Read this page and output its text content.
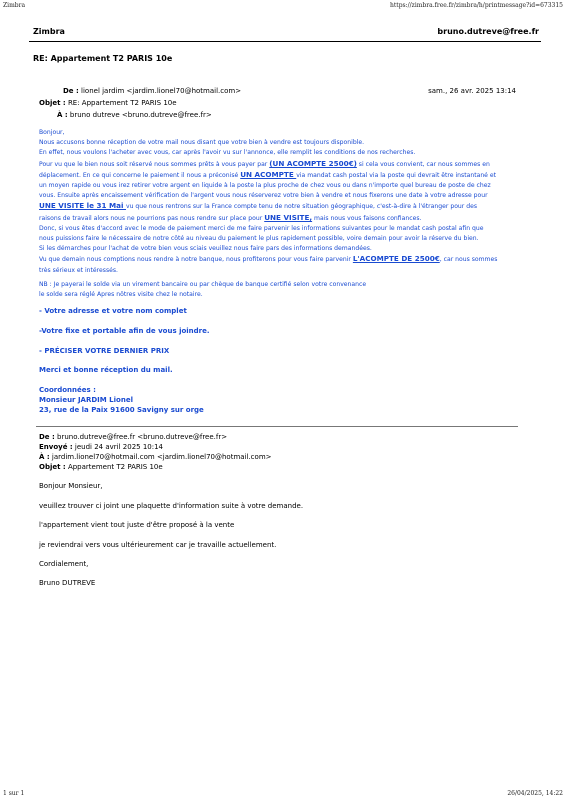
Zimbra	https://zimbra.free.fr/zimbra/h/printmessage?id=673315
Zimbra	bruno.dutreve@free.fr
RE: Appartement T2 PARIS 10e
De : lionel jardim <jardim.lionel70@hotmail.com>	sam., 26 avr. 2025 13:14
Objet : RE: Appartement T2 PARIS 10e
À : bruno dutreve <bruno.dutreve@free.fr>

Bonjour,

Nous accusons bonne réception de votre mail nous disant que votre bien à vendre est toujours disponible.

En effet, nous voulons l'acheter avec vous, car après l'avoir vu sur l'annonce, elle remplit les conditions de nos recherches.

Pour vu que le bien nous soit réservé nous sommes prêts à vous payer par (UN ACOMPTE 2500€) si cela vous convient, car nous sommes en

déplacement. En ce qui concerne le paiement il nous a préconisé UN ACOMPTE via mandat cash postal via la poste qui devrait être instantané et

un moyen rapide ou vous irez retirer votre argent en liquide à la poste la plus proche de chez vous ou dans n'importe quel bureau de poste de chez

vous. Ensuite après encaissement vérification de l'argent vous nous réserverez votre bien à vendre et nous fixerons une date à votre adresse pour

UNE VISITE le 31 Mai vu que nous rentrons sur la France compte tenu de notre situation géographique, c'est-à-dire à l'étranger pour des

raisons de travail alors nous ne pourrions pas nous rendre sur place pour UNE VISITE, mais nous vous faisons confiances.

Donc, si vous êtes d'accord avec le mode de paiement merci de me faire parvenir les informations suivantes pour le mandat cash postal afin que

nous puissions faire le nécessaire de notre côté au niveau du paiement le plus rapidement possible, voire demain pour avoir la réserve du bien.

Si les démarches pour l'achat de votre bien vous sciais veuillez nous faire pars des informations demandées.

Vu que demain nous comptions nous rendre à notre banque, nous profiterons pour vous faire parvenir L'ACOMPTE DE 2500€, car nous sommes

très sérieux et intéressés.

NB : Je payerai le solde via un virement bancaire ou par chèque de banque certifié selon votre convenance
le solde sera réglé Apres nôtres visite chez le notaire.
- Votre adresse et votre nom complet
-Votre fixe et portable afin de vous joindre.
- PRÉCISER VOTRE DERNIER PRIX
Merci et bonne réception du mail.
Coordonnées :
Monsieur JARDIM Lionel
23, rue de la Paix 91600 Savigny sur orge
De : bruno.dutreve@free.fr <bruno.dutreve@free.fr>
Envoyé : jeudi 24 avril 2025 10:14
À : jardim.lionel70@hotmail.com <jardim.lionel70@hotmail.com>
Objet : Appartement T2 PARIS 10e
Bonjour Monsieur,
veuillez trouver ci joint une plaquette d'information suite à votre demande.
l'appartement vient tout juste d'être proposé à la vente
je reviendrai vers vous ultérieurement car je travaille actuellement.
Cordialement,
Bruno DUTREVE
1 sur 1	26/04/2025, 14:22
